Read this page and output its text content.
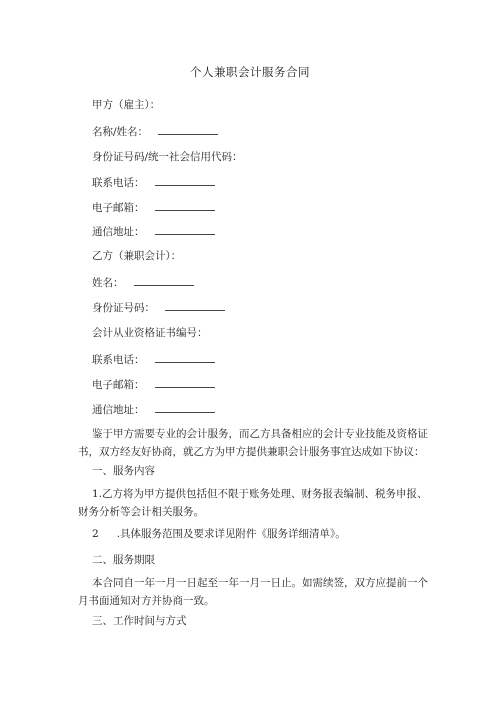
个人兼职会计服务合同
甲方（雇主）：
名称/姓名：
身份证号码/统一社会信用代码：
联系电话：
电子邮箱：
通信地址：
乙方（兼职会计）：
姓名：
身份证号码：
会计从业资格证书编号：
联系电话：
电子邮箱：
通信地址：
鉴于甲方需要专业的会计服务，而乙方具备相应的会计专业技能及资格证书，双方经友好协商，就乙方为甲方提供兼职会计服务事宜达成如下协议：
一、服务内容
1.乙方将为甲方提供包括但不限于账务处理、财务报表编制、税务申报、财务分析等会计相关服务。
2 .具体服务范围及要求详见附件《服务详细清单》。
二、服务期限
本合同自一年一月一日起至一年一月一日止。如需续签，双方应提前一个月书面通知对方并协商一致。
三、工作时间与方式
